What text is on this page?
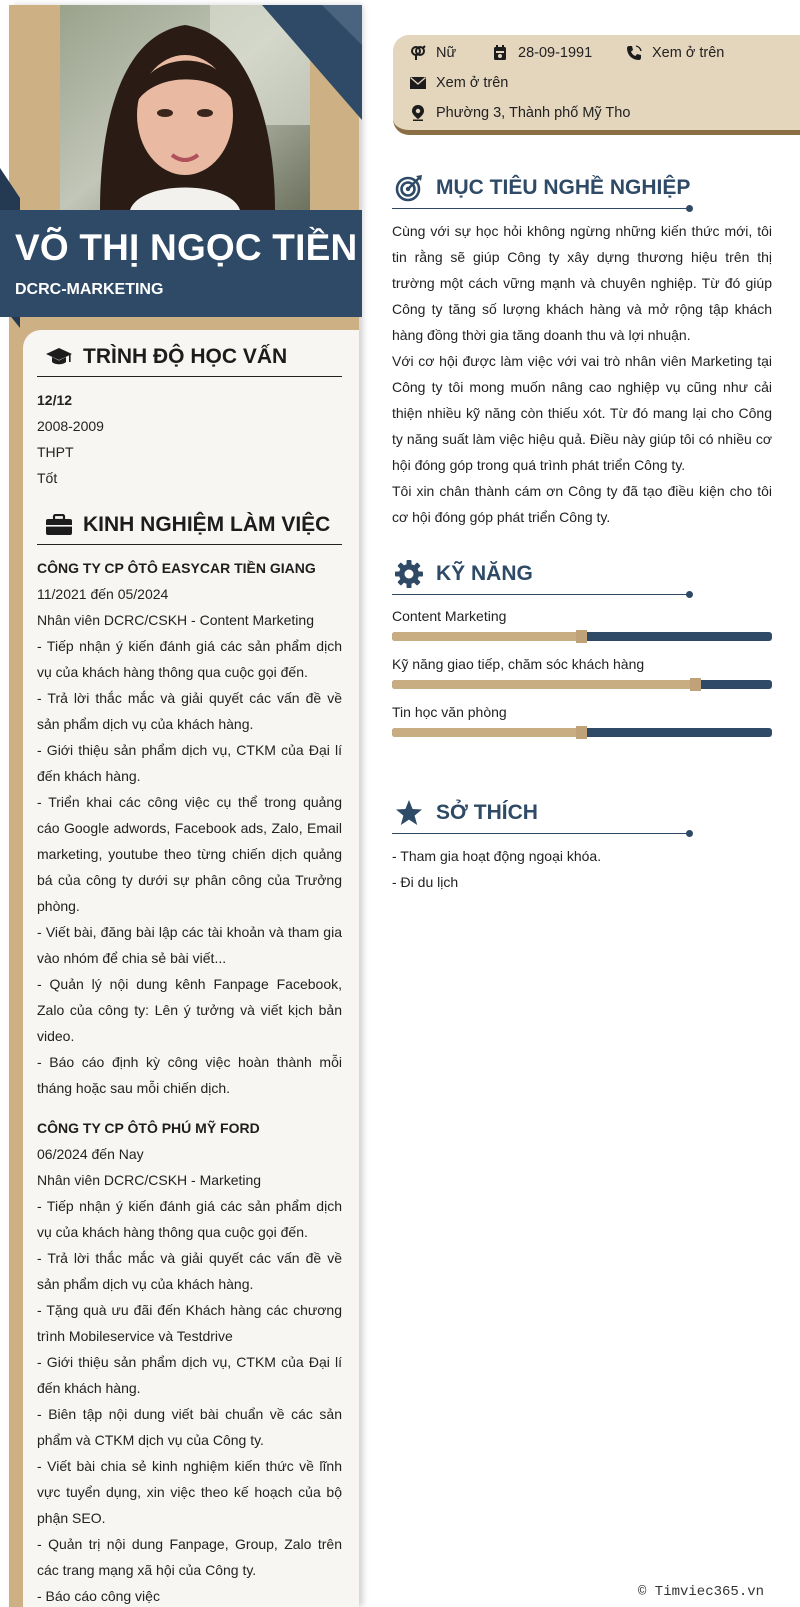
VÕ THỊ NGỌC TIỀN
DCRC-MARKETING
TRÌNH ĐỘ HỌC VẤN
12/12
2008-2009
THPT
Tốt
KINH NGHIỆM LÀM VIỆC
CÔNG TY CP ÔTÔ EASYCAR TIỀN GIANG
11/2021 đến 05/2024
Nhân viên DCRC/CSKH - Content Marketing
- Tiếp nhận ý kiến đánh giá các sản phẩm dịch vụ của khách hàng thông qua cuộc gọi đến.
- Trả lời thắc mắc và giải quyết các vấn đề về sản phẩm dịch vụ của khách hàng.
- Giới thiệu sản phẩm dịch vụ, CTKM của Đại lí đến khách hàng.
- Triển khai các công việc cụ thể trong quảng cáo Google adwords, Facebook ads, Zalo, Email marketing, youtube theo từng chiến dịch quảng bá của công ty dưới sự phân công của Trưởng phòng.
- Viết bài, đăng bài lập các tài khoản và tham gia vào nhóm để chia sẻ bài viết...
- Quản lý nội dung kênh Fanpage Facebook, Zalo của công ty: Lên ý tưởng và viết kịch bản video.
- Báo cáo định kỳ công việc hoàn thành mỗi tháng hoặc sau mỗi chiến dịch.
CÔNG TY CP ÔTÔ PHÚ MỸ FORD
06/2024 đến Nay
Nhân viên DCRC/CSKH - Marketing
- Tiếp nhận ý kiến đánh giá các sản phẩm dịch vụ của khách hàng thông qua cuộc gọi đến.
- Trả lời thắc mắc và giải quyết các vấn đề về sản phẩm dịch vụ của khách hàng.
- Tặng quà ưu đãi đến Khách hàng các chương trình Mobileservice và Testdrive
- Giới thiệu sản phẩm dịch vụ, CTKM của Đại lí đến khách hàng.
- Biên tập nội dung viết bài chuẩn về các sản phẩm và CTKM dịch vụ của Công ty.
- Viết bài chia sẻ kinh nghiệm kiến thức về lĩnh vực tuyển dụng, xin việc theo kế hoạch của bộ phận SEO.
- Quản trị nội dung Fanpage, Group, Zalo trên các trang mạng xã hội của Công ty.
- Báo cáo công việc
Nữ	28-09-1991	Xem ở trên
Xem ở trên
Phường 3, Thành phố Mỹ Tho
MỤC TIÊU NGHỀ NGHIỆP

Cùng với sự học hỏi không ngừng những kiến thức mới, tôi tin rằng sẽ giúp Công ty xây dựng thương hiệu trên thị trường một cách vững mạnh và chuyên nghiệp. Từ đó giúp Công ty tăng số lượng khách hàng và mở rộng tập khách hàng đồng thời gia tăng doanh thu và lợi nhuận.

Với cơ hội được làm việc với vai trò nhân viên Marketing tại Công ty tôi mong muốn nâng cao nghiệp vụ cũng như cải thiện nhiều kỹ năng còn thiếu xót. Từ đó mang lại cho Công ty năng suất làm việc hiệu quả. Điều này giúp tôi có nhiều cơ hội đóng góp trong quá trình phát triển Công ty.

Tôi xin chân thành cám ơn Công ty đã tạo điều kiện cho tôi cơ hội đóng góp phát triển Công ty.

KỸ NĂNG
Content Marketing
Kỹ năng giao tiếp, chăm sóc khách hàng
Tin học văn phòng
SỞ THÍCH
- Tham gia hoạt động ngoại khóa.
- Đi du lịch
© Timviec365.vn
